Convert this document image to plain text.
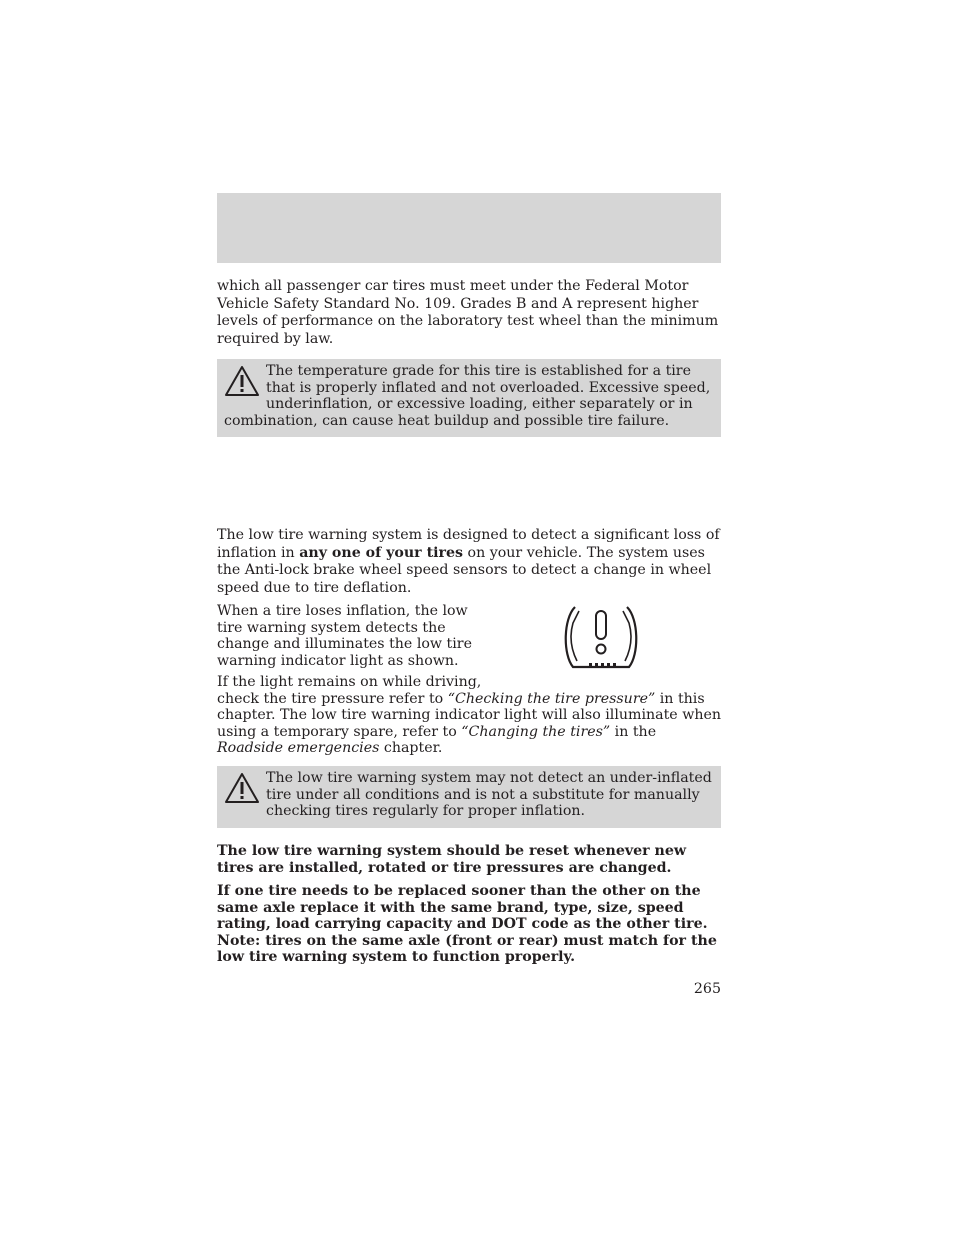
which all passenger car tires must meet under the Federal Motor Vehicle Safety Standard No. 109. Grades B and A represent higher levels of performance on the laboratory test wheel than the minimum required by law.

The temperature grade for this tire is established for a tire that is properly inflated and not overloaded. Excessive speed, underinflation, or excessive loading, either separately or in combination, can cause heat buildup and possible tire failure.

The low tire warning system is designed to detect a significant loss of inflation in any one of your tires on your vehicle. The system uses the Anti-lock brake wheel speed sensors to detect a change in wheel speed due to tire deflation.

When a tire loses inflation, the low tire warning system detects the change and illuminates the low tire warning indicator light as shown.

If the light remains on while driving,
check the tire pressure refer to “Checking the tire pressure” in this chapter. The low tire warning indicator light will also illuminate when using a temporary spare, refer to “Changing the tires” in the Roadside emergencies chapter.
The low tire warning system may not detect an under-inflated tire under all conditions and is not a substitute for manually checking tires regularly for proper inflation.

The low tire warning system should be reset whenever new tires are installed, rotated or tire pressures are changed.

If one tire needs to be replaced sooner than the other on the same axle replace it with the same brand, type, size, speed rating, load carrying capacity and DOT code as the other tire. Note: tires on the same axle (front or rear) must match for the low tire warning system to function properly.

265
